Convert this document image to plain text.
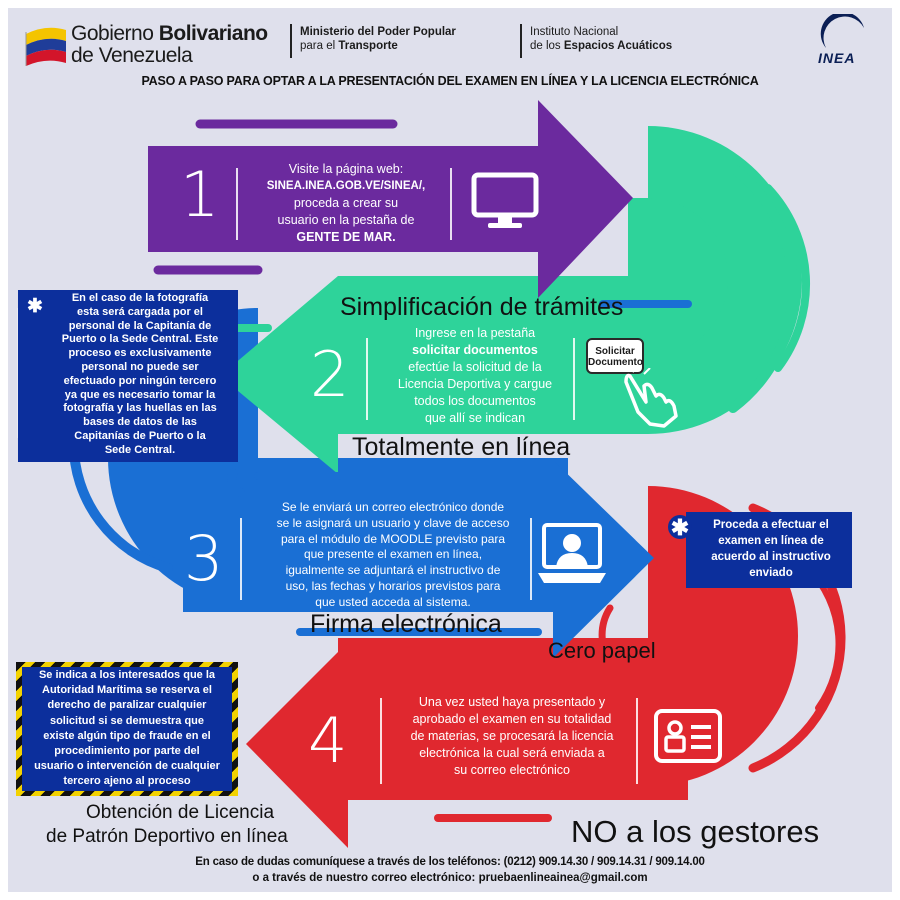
Gobierno Bolivariano
de Venezuela
Ministerio del Poder Popular
para el Transporte
Instituto Nacional
de los Espacios Acuáticos
INEA
PASO A PASO PARA OPTAR A LA PRESENTACIÓN DEL EXAMEN EN LÍNEA Y LA LICENCIA ELECTRÓNICA
1	Visite la página web:
SINEA.INEA.GOB.VE/SINEA/,
proceda a crear su
usuario en la pestaña de
GENTE DE MAR.
2
Ingrese en la pestaña
solicitar documentos
efectúe la solicitud de la
Licencia Deportiva y cargue
todos los documentos
que allí se indican
Solicitar Documento
✱	En el caso de la fotografía
esta será cargada por el
personal de la Capitanía de
Puerto o la Sede Central. Este
proceso es exclusivamente
personal no puede ser
efectuado por ningún tercero
ya que es necesario tomar la
fotografía y las huellas en las
bases de datos de las
Capitanías de Puerto o la
Sede Central.
3
Se le enviará un correo electrónico donde
se le asignará un usuario y clave de acceso
para el módulo de MOODLE previsto para
que presente el examen en línea,
igualmente se adjuntará el instructivo de
uso, las fechas y horarios previstos para
que usted acceda al sistema.
✱	Proceda a efectuar el
examen en línea de
acuerdo al instructivo
enviado
4
Una vez usted haya presentado y
aprobado el examen en su totalidad
de materias, se procesará la licencia
electrónica la cual será enviada a
su correo electrónico
Se indica a los interesados que la
Autoridad Marítima se reserva el
derecho de paralizar cualquier
solicitud si se demuestra que
existe algún tipo de fraude en el
procedimiento por parte del
usuario o intervención de cualquier
tercero ajeno al proceso
Simplificación de trámites
Totalmente en línea
Firma electrónica
Cero papel
Obtención de Licencia
de Patrón Deportivo en línea	NO a los gestores
En caso de dudas comuníquese a través de los teléfonos: (0212) 909.14.30 / 909.14.31 / 909.14.00
o a través de nuestro correo electrónico: pruebaenlineainea@gmail.com
